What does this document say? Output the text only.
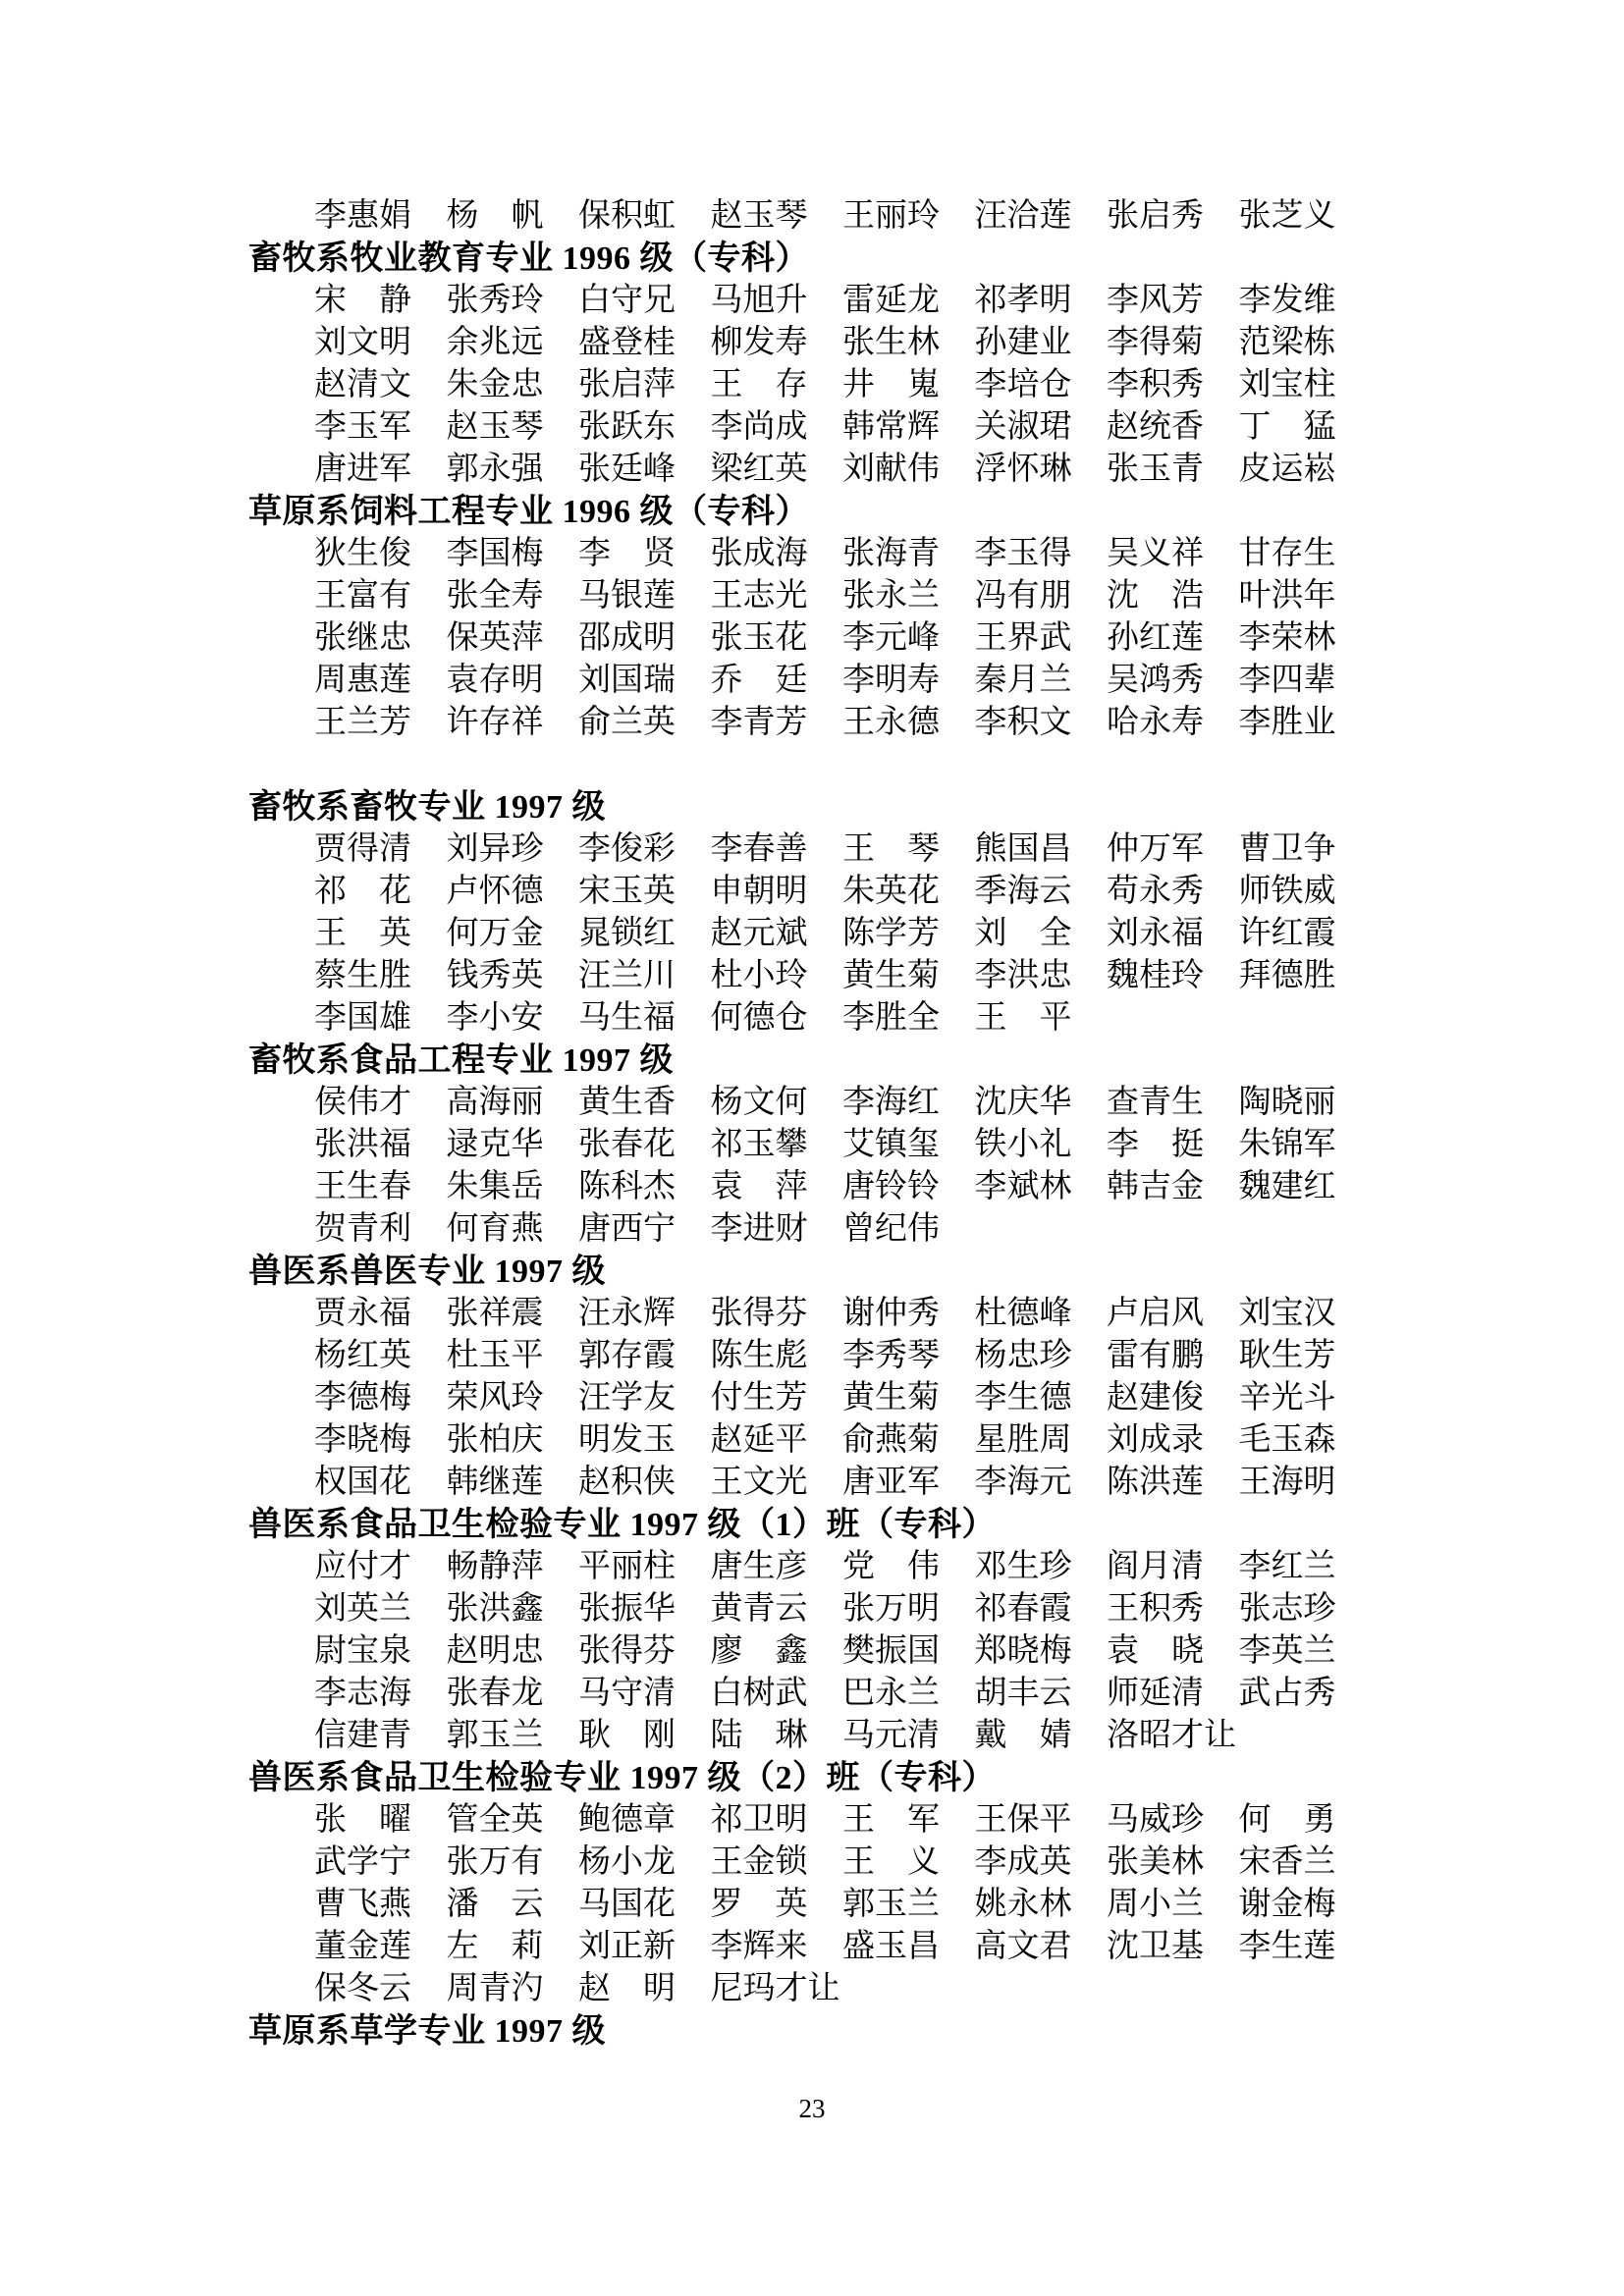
李惠娟	杨　帆	保积虹	赵玉琴	王丽玲	汪洽莲	张启秀	张芝义
畜牧系牧业教育专业 1996 级（专科）
宋　静	张秀玲	白守兄	马旭升	雷延龙	祁孝明	李风芳	李发维
刘文明	余兆远	盛登桂	柳发寿	张生林	孙建业	李得菊	范梁栋
赵清文	朱金忠	张启萍	王　存	井　嵬	李培仓	李积秀	刘宝柱
李玉军	赵玉琴	张跃东	李尚成	韩常辉	关淑珺	赵统香	丁　猛
唐进军	郭永强	张廷峰	梁红英	刘献伟	浮怀琳	张玉青	皮运崧
草原系饲料工程专业 1996 级（专科）
狄生俊	李国梅	李　贤	张成海	张海青	李玉得	吴义祥	甘存生
王富有	张全寿	马银莲	王志光	张永兰	冯有朋	沈　浩	叶洪年
张继忠	保英萍	邵成明	张玉花	李元峰	王界武	孙红莲	李荣林
周惠莲	袁存明	刘国瑞	乔　廷	李明寿	秦月兰	吴鸿秀	李四辈
王兰芳	许存祥	俞兰英	李青芳	王永德	李积文	哈永寿	李胜业
畜牧系畜牧专业 1997 级
贾得清	刘异珍	李俊彩	李春善	王　琴	熊国昌	仲万军	曹卫争
祁　花	卢怀德	宋玉英	申朝明	朱英花	季海云	苟永秀	师铁威
王　英	何万金	晁锁红	赵元斌	陈学芳	刘　全	刘永福	许红霞
蔡生胜	钱秀英	汪兰川	杜小玲	黄生菊	李洪忠	魏桂玲	拜德胜
李国雄	李小安	马生福	何德仓	李胜全	王　平
畜牧系食品工程专业 1997 级
侯伟才	高海丽	黄生香	杨文何	李海红	沈庆华	查青生	陶晓丽
张洪福	逯克华	张春花	祁玉攀	艾镇玺	铁小礼	李　挺	朱锦军
王生春	朱集岳	陈科杰	袁　萍	唐铃铃	李斌林	韩吉金	魏建红
贺青利	何育燕	唐西宁	李进财	曾纪伟
兽医系兽医专业 1997 级
贾永福	张祥震	汪永辉	张得芬	谢仲秀	杜德峰	卢启风	刘宝汉
杨红英	杜玉平	郭存霞	陈生彪	李秀琴	杨忠珍	雷有鹏	耿生芳
李德梅	荣风玲	汪学友	付生芳	黄生菊	李生德	赵建俊	辛光斗
李晓梅	张柏庆	明发玉	赵延平	俞燕菊	星胜周	刘成录	毛玉森
权国花	韩继莲	赵积侠	王文光	唐亚军	李海元	陈洪莲	王海明
兽医系食品卫生检验专业 1997 级（1）班（专科）
应付才	畅静萍	平丽柱	唐生彦	党　伟	邓生珍	阎月清	李红兰
刘英兰	张洪鑫	张振华	黄青云	张万明	祁春霞	王积秀	张志珍
尉宝泉	赵明忠	张得芬	廖　鑫	樊振国	郑晓梅	袁　晓	李英兰
李志海	张春龙	马守清	白树武	巴永兰	胡丰云	师延清	武占秀
信建青	郭玉兰	耿　刚	陆　琳	马元清	戴　婧	洛昭才让
兽医系食品卫生检验专业 1997 级（2）班（专科）
张　曜	管全英	鲍德章	祁卫明	王　军	王保平	马威珍	何　勇
武学宁	张万有	杨小龙	王金锁	王　义	李成英	张美林	宋香兰
曹飞燕	潘　云	马国花	罗　英	郭玉兰	姚永林	周小兰	谢金梅
董金莲	左　莉	刘正新	李辉来	盛玉昌	高文君	沈卫基	李生莲
保冬云	周青汋	赵　明	尼玛才让
草原系草学专业 1997 级
23
